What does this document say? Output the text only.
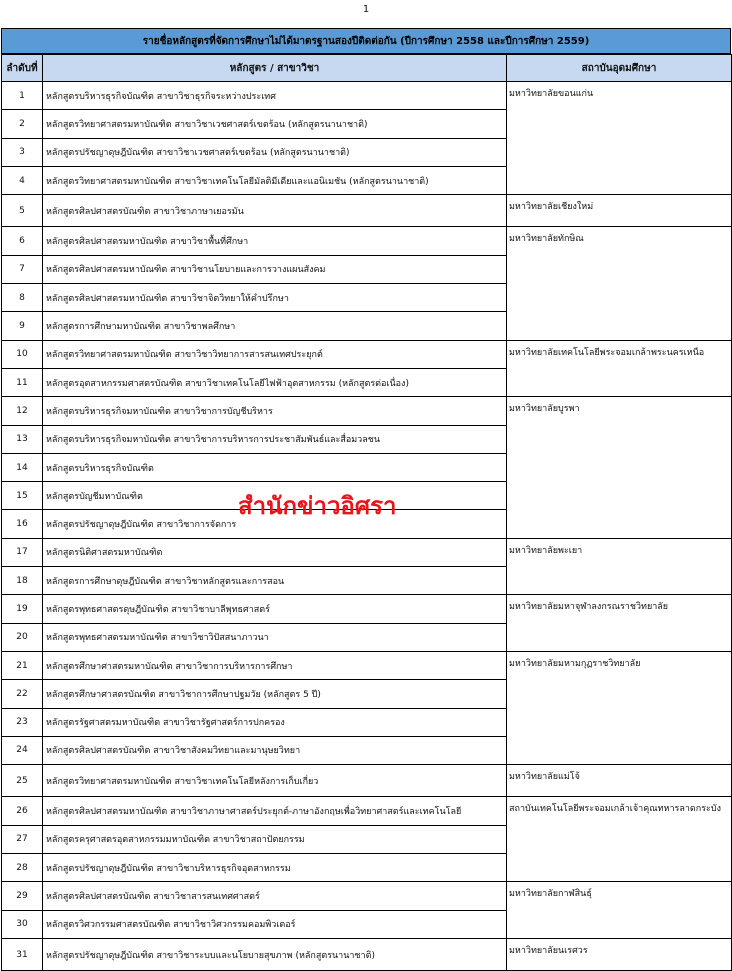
1
รายชื่อหลักสูตรที่จัดการศึกษาไม่ได้มาตรฐานสองปีติดต่อกัน (ปีการศึกษา 2558 และปีการศึกษา 2559)
ลำดับที่	หลักสูตร / สาขาวิชา	สถาบันอุดมศึกษา
1	หลักสูตรบริหารธุรกิจบัณฑิต สาขาวิชาธุรกิจระหว่างประเทศ	มหาวิทยาลัยขอนแก่น
2	หลักสูตรวิทยาศาสตรมหาบัณฑิต สาขาวิชาเวชศาสตร์เขตร้อน (หลักสูตรนานาชาติ)	
3	หลักสูตรปรัชญาดุษฎีบัณฑิต สาขาวิชาเวชศาสตร์เขตร้อน (หลักสูตรนานาชาติ)	
4	หลักสูตรวิทยาศาสตรมหาบัณฑิต สาขาวิชาเทคโนโลยีมัลติมีเดียและแอนิเมชัน (หลักสูตรนานาชาติ)	
5	หลักสูตรศิลปศาสตรบัณฑิต สาขาวิชาภาษาเยอรมัน	มหาวิทยาลัยเชียงใหม่
6	หลักสูตรศิลปศาสตรมหาบัณฑิต สาขาวิชาพื้นที่ศึกษา	มหาวิทยาลัยทักษิณ
7	หลักสูตรศิลปศาสตรมหาบัณฑิต สาขาวิชานโยบายและการวางแผนสังคม	
8	หลักสูตรศิลปศาสตรมหาบัณฑิต สาขาวิชาจิตวิทยาให้คำปรึกษา	
9	หลักสูตรการศึกษามหาบัณฑิต สาขาวิชาพลศึกษา	
10	หลักสูตรวิทยาศาสตรมหาบัณฑิต สาขาวิชาวิทยาการสารสนเทศประยุกต์	มหาวิทยาลัยเทคโนโลยีพระจอมเกล้าพระนครเหนือ
11	หลักสูตรอุตสาหกรรมศาสตรบัณฑิต สาขาวิชาเทคโนโลยีไฟฟ้าอุตสาหกรรม (หลักสูตรต่อเนื่อง)	
12	หลักสูตรบริหารธุรกิจมหาบัณฑิต สาขาวิชาการบัญชีบริหาร	มหาวิทยาลัยบูรพา
13	หลักสูตรบริหารธุรกิจมหาบัณฑิต สาขาวิชาการบริหารการประชาสัมพันธ์และสื่อมวลชน	
14	หลักสูตรบริหารธุรกิจบัณฑิต	
15	หลักสูตรบัญชีมหาบัณฑิต	
16	หลักสูตรปรัชญาดุษฎีบัณฑิต สาขาวิชาการจัดการ	
17	หลักสูตรนิติศาสตรมหาบัณฑิต	มหาวิทยาลัยพะเยา
18	หลักสูตรการศึกษาดุษฎีบัณฑิต สาขาวิชาหลักสูตรและการสอน	
19	หลักสูตรพุทธศาสตรดุษฎีบัณฑิต สาขาวิชาบาลีพุทธศาสตร์	มหาวิทยาลัยมหาจุฬาลงกรณราชวิทยาลัย
20	หลักสูตรพุทธศาสตรมหาบัณฑิต สาขาวิชาวิปัสสนาภาวนา	
21	หลักสูตรศึกษาศาสตรมหาบัณฑิต สาขาวิชาการบริหารการศึกษา	มหาวิทยาลัยมหามกุฏราชวิทยาลัย
22	หลักสูตรศึกษาศาสตรบัณฑิต สาขาวิชาการศึกษาปฐมวัย (หลักสูตร 5 ปี)	
23	หลักสูตรรัฐศาสตรมหาบัณฑิต สาขาวิชารัฐศาสตร์การปกครอง	
24	หลักสูตรศิลปศาสตรบัณฑิต สาขาวิชาสังคมวิทยาและมานุษยวิทยา	
25	หลักสูตรวิทยาศาสตรมหาบัณฑิต สาขาวิชาเทคโนโลยีหลังการเก็บเกี่ยว	มหาวิทยาลัยแม่โจ้
26	หลักสูตรศิลปศาสตรมหาบัณฑิต สาขาวิชาภาษาศาสตร์ประยุกต์-ภาษาอังกฤษเพื่อวิทยาศาสตร์และเทคโนโลยี	สถาบันเทคโนโลยีพระจอมเกล้าเจ้าคุณทหารลาดกระบัง
27	หลักสูตรครุศาสตรอุตสาหกรรมมหาบัณฑิต สาขาวิชาสถาปัตยกรรม	
28	หลักสูตรปรัชญาดุษฎีบัณฑิต สาขาวิชาบริหารธุรกิจอุตสาหกรรม	
29	หลักสูตรศิลปศาสตรบัณฑิต สาขาวิชาสารสนเทศศาสตร์	มหาวิทยาลัยกาฬสินธุ์
30	หลักสูตรวิศวกรรมศาสตรบัณฑิต สาขาวิชาวิศวกรรมคอมพิวเตอร์	
31	หลักสูตรปรัชญาดุษฎีบัณฑิต สาขาวิชาระบบและนโยบายสุขภาพ (หลักสูตรนานาชาติ)	มหาวิทยาลัยนเรศวร
สำนักข่าวอิศรา
